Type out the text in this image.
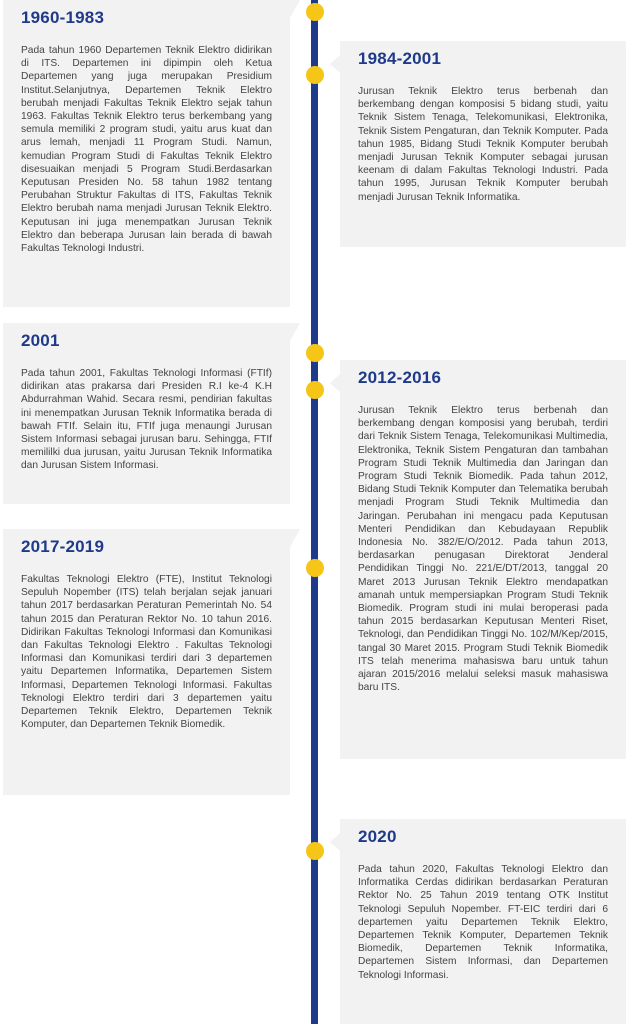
1960-1983

Pada tahun 1960 Departemen Teknik Elektro didirikan di ITS. Departemen ini dipimpin oleh Ketua Departemen yang juga merupakan Presidium Institut.Selanjutnya, Departemen Teknik Elektro berubah menjadi Fakultas Teknik Elektro sejak tahun 1963. Fakultas Teknik Elektro terus berkembang yang semula memiliki 2 program studi, yaitu arus kuat dan arus lemah, menjadi 11 Program Studi. Namun, kemudian Program Studi di Fakultas Teknik Elektro disesuaikan menjadi 5 Program Studi.Berdasarkan Keputusan Presiden No. 58 tahun 1982 tentang Perubahan Struktur Fakultas di ITS, Fakultas Teknik Elektro berubah nama menjadi Jurusan Teknik Elektro. Keputusan ini juga menempatkan Jurusan Teknik Elektro dan beberapa Jurusan lain berada di bawah Fakultas Teknologi Industri.

1984-2001

Jurusan Teknik Elektro terus berbenah dan berkembang dengan komposisi 5 bidang studi, yaitu Teknik Sistem Tenaga, Telekomunikasi, Elektronika, Teknik Sistem Pengaturan, dan Teknik Komputer. Pada tahun 1985, Bidang Studi Teknik Komputer berubah menjadi Jurusan Teknik Komputer sebagai jurusan keenam di dalam Fakultas Teknologi Industri. Pada tahun 1995, Jurusan Teknik Komputer berubah menjadi Jurusan Teknik Informatika.

2001

Pada tahun 2001, Fakultas Teknologi Informasi (FTIf) didirikan atas prakarsa dari Presiden R.I ke-4 K.H Abdurrahman Wahid. Secara resmi, pendirian fakultas ini menempatkan Jurusan Teknik Informatika berada di bawah FTIf. Selain itu, FTIf juga menaungi Jurusan Sistem Informasi sebagai jurusan baru. Sehingga, FTIf memililki dua jurusan, yaitu Jurusan Teknik Informatika dan Jurusan Sistem Informasi.

2012-2016

Jurusan Teknik Elektro terus berbenah dan berkembang dengan komposisi yang berubah, terdiri dari Teknik Sistem Tenaga, Telekomunikasi Multimedia, Elektronika, Teknik Sistem Pengaturan dan tambahan Program Studi Teknik Multimedia dan Jaringan dan Program Studi Teknik Biomedik. Pada tahun 2012, Bidang Studi Teknik Komputer dan Telematika berubah menjadi Program Studi Teknik Multimedia dan Jaringan. Perubahan ini mengacu pada Keputusan Menteri Pendidikan dan Kebudayaan Republik Indonesia No. 382/E/O/2012. Pada tahun 2013, berdasarkan penugasan Direktorat Jenderal Pendidikan Tinggi No. 221/E/DT/2013, tanggal 20 Maret 2013 Jurusan Teknik Elektro mendapatkan amanah untuk mempersiapkan Program Studi Teknik Biomedik. Program studi ini mulai beroperasi pada tahun 2015 berdasarkan Keputusan Menteri Riset, Teknologi, dan Pendidikan Tinggi No. 102/M/Kep/2015, tangal 30 Maret 2015. Program Studi Teknik Biomedik ITS telah menerima mahasiswa baru untuk tahun ajaran 2015/2016 melalui seleksi masuk mahasiswa baru ITS.

2017-2019

Fakultas Teknologi Elektro (FTE), Institut Teknologi Sepuluh Nopember (ITS) telah berjalan sejak januari tahun 2017 berdasarkan Peraturan Pemerintah No. 54 tahun 2015 dan Peraturan Rektor No. 10 tahun 2016. Didirikan Fakultas Teknologi Informasi dan Komunikasi dan Fakultas Teknologi Elektro . Fakultas Teknologi Informasi dan Komunikasi terdiri dari 3 departemen yaitu Departemen Informatika, Departemen Sistem Informasi, Departemen Teknologi Informasi. Fakultas Teknologi Elektro terdiri dari 3 departemen yaitu Departemen Teknik Elektro, Departemen Teknik Komputer, dan Departemen Teknik Biomedik.

2020

Pada tahun 2020, Fakultas Teknologi Elektro dan Informatika Cerdas didirikan berdasarkan Peraturan Rektor No. 25 Tahun 2019 tentang OTK Institut Teknologi Sepuluh Nopember. FT-EIC terdiri dari 6 departemen yaitu Departemen Teknik Elektro, Departemen Teknik Komputer, Departemen Teknik Biomedik, Departemen Teknik Informatika, Departemen Sistem Informasi, dan Departemen Teknologi Informasi.
